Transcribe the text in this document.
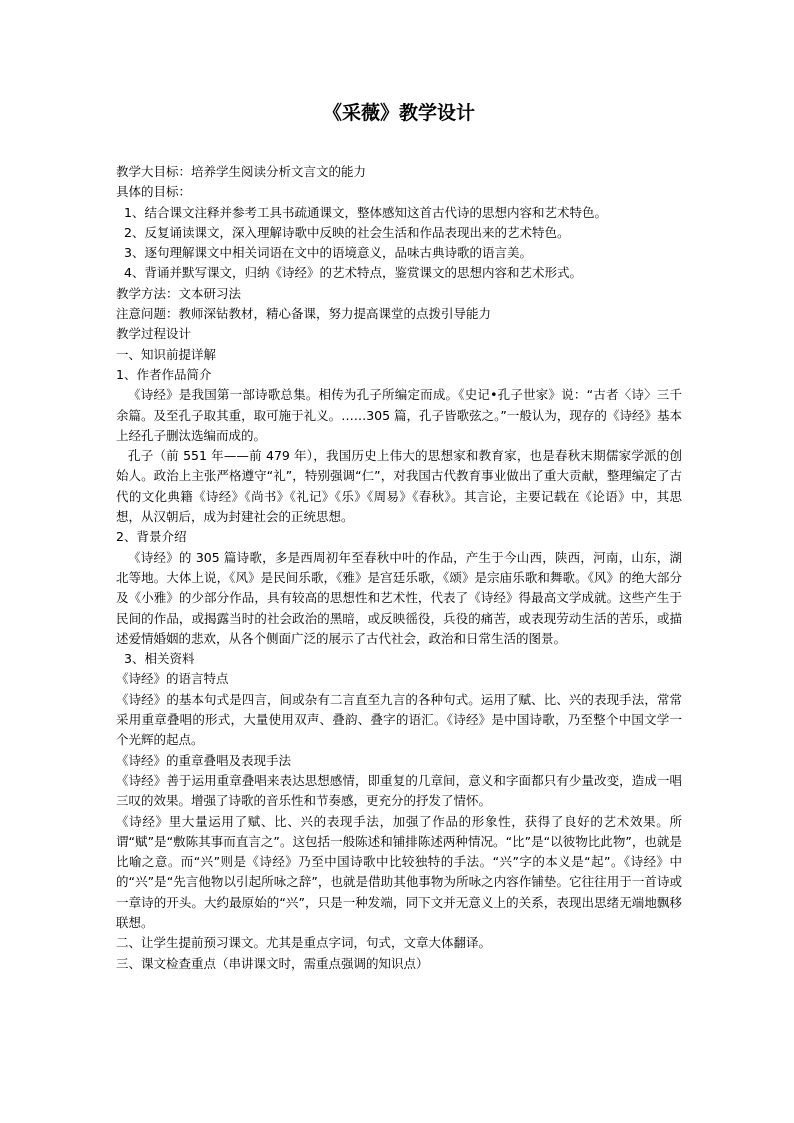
《采薇》教学设计

教学大目标：培养学生阅读分析文言文的能力

具体的目标：

1、结合课文注释并参考工具书疏通课文，整体感知这首古代诗的思想内容和艺术特色。

2、反复诵读课文，深入理解诗歌中反映的社会生活和作品表现出来的艺术特色。

3、逐句理解课文中相关词语在文中的语境意义，品味古典诗歌的语言美。

4、背诵并默写课文，归纳《诗经》的艺术特点，鉴赏课文的思想内容和艺术形式。

教学方法：文本研习法

注意问题：教师深钻教材，精心备课，努力提高课堂的点拨引导能力

教学过程设计

一、知识前提详解

1、作者作品简介

《诗经》是我国第一部诗歌总集。相传为孔子所编定而成。《史记•孔子世家》说：“古者〈诗〉三千余篇。及至孔子取其重，取可施于礼义。……305 篇，孔子皆歌弦之。”一般认为，现存的《诗经》基本上经孔子删汰选编而成的。

孔子（前 551 年——前 479 年），我国历史上伟大的思想家和教育家，也是春秋末期儒家学派的创始人。政治上主张严格遵守“礼”，特别强调“仁”，对我国古代教育事业做出了重大贡献，整理编定了古代的文化典籍《诗经》《尚书》《礼记》《乐》《周易》《春秋》。其言论，主要记载在《论语》中，其思想，从汉朝后，成为封建社会的正统思想。

2、背景介绍

《诗经》的 305 篇诗歌，多是西周初年至春秋中叶的作品，产生于今山西，陕西，河南，山东，湖北等地。大体上说，《风》是民间乐歌，《雅》是宫廷乐歌，《颂》是宗庙乐歌和舞歌。《风》的绝大部分及《小雅》的少部分作品，具有较高的思想性和艺术性，代表了《诗经》得最高文学成就。这些产生于民间的作品，或揭露当时的社会政治的黑暗，或反映徭役，兵役的痛苦，或表现劳动生活的苦乐，或描述爱情婚姻的悲欢，从各个侧面广泛的展示了古代社会，政治和日常生活的图景。

3、相关资料

《诗经》的语言特点

《诗经》的基本句式是四言，间或杂有二言直至九言的各种句式。运用了赋、比、兴的表现手法，常常采用重章叠唱的形式，大量使用双声、叠韵、叠字的语汇。《诗经》是中国诗歌，乃至整个中国文学一个光辉的起点。

《诗经》的重章叠唱及表现手法

《诗经》善于运用重章叠唱来表达思想感情，即重复的几章间，意义和字面都只有少量改变，造成一唱三叹的效果。增强了诗歌的音乐性和节奏感，更充分的抒发了情怀。

《诗经》里大量运用了赋、比、兴的表现手法，加强了作品的形象性，获得了良好的艺术效果。所谓“赋”是“敷陈其事而直言之”。这包括一般陈述和铺排陈述两种情况。“比”是“以彼物比此物”，也就是比喻之意。而“兴”则是《诗经》乃至中国诗歌中比较独特的手法。“兴”字的本义是“起”。《诗经》中的“兴”是“先言他物以引起所咏之辞”，也就是借助其他事物为所咏之内容作铺垫。它往往用于一首诗或一章诗的开头。大约最原始的“兴”，只是一种发端，同下文并无意义上的关系，表现出思绪无端地飘移联想。

二、让学生提前预习课文。尤其是重点字词，句式，文章大体翻译。

三、课文检查重点（串讲课文时，需重点强调的知识点）
